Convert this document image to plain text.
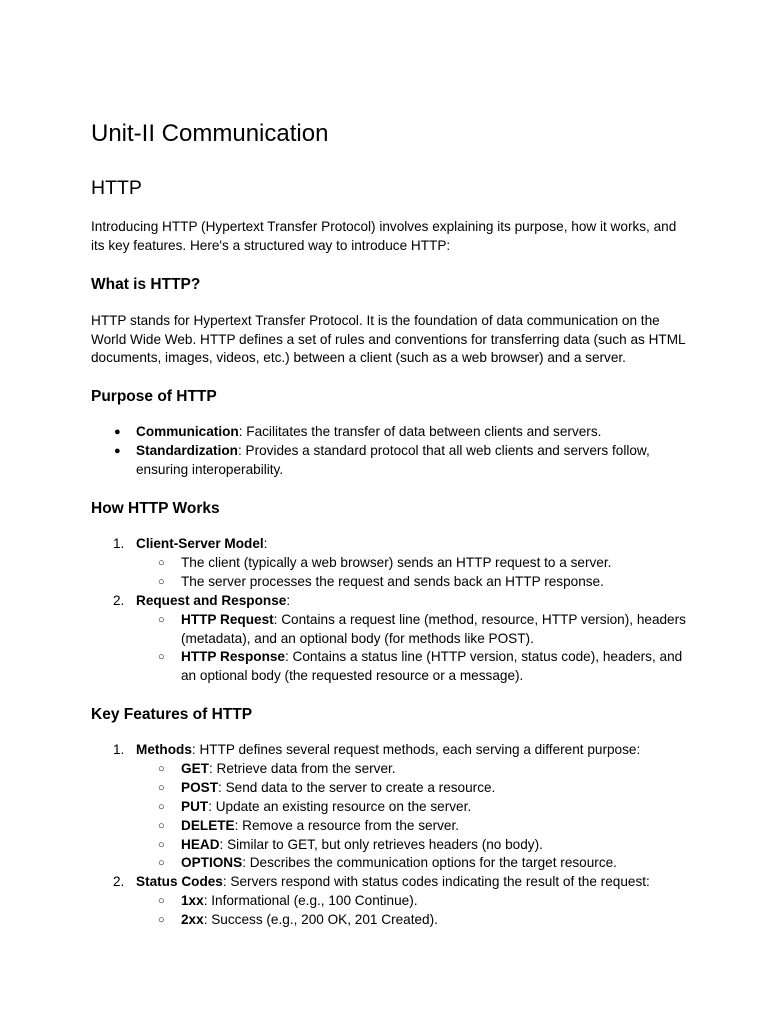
Unit-II Communication
HTTP

Introducing HTTP (Hypertext Transfer Protocol) involves explaining its purpose, how it works, and its key features. Here's a structured way to introduce HTTP:

What is HTTP?

HTTP stands for Hypertext Transfer Protocol. It is the foundation of data communication on the World Wide Web. HTTP defines a set of rules and conventions for transferring data (such as HTML documents, images, videos, etc.) between a client (such as a web browser) and a server.

Purpose of HTTP
● Communication: Facilitates the transfer of data between clients and servers.
● Standardization: Provides a standard protocol that all web clients and servers follow, ensuring interoperability.
How HTTP Works
1. Client-Server Model:
○ The client (typically a web browser) sends an HTTP request to a server.
○ The server processes the request and sends back an HTTP response.
2. Request and Response:
○ HTTP Request: Contains a request line (method, resource, HTTP version), headers (metadata), and an optional body (for methods like POST).
○ HTTP Response: Contains a status line (HTTP version, status code), headers, and an optional body (the requested resource or a message).
Key Features of HTTP
1. Methods: HTTP defines several request methods, each serving a different purpose:
○ GET: Retrieve data from the server.
○ POST: Send data to the server to create a resource.
○ PUT: Update an existing resource on the server.
○ DELETE: Remove a resource from the server.
○ HEAD: Similar to GET, but only retrieves headers (no body).
○ OPTIONS: Describes the communication options for the target resource.
2. Status Codes: Servers respond with status codes indicating the result of the request:
○ 1xx: Informational (e.g., 100 Continue).
○ 2xx: Success (e.g., 200 OK, 201 Created).
